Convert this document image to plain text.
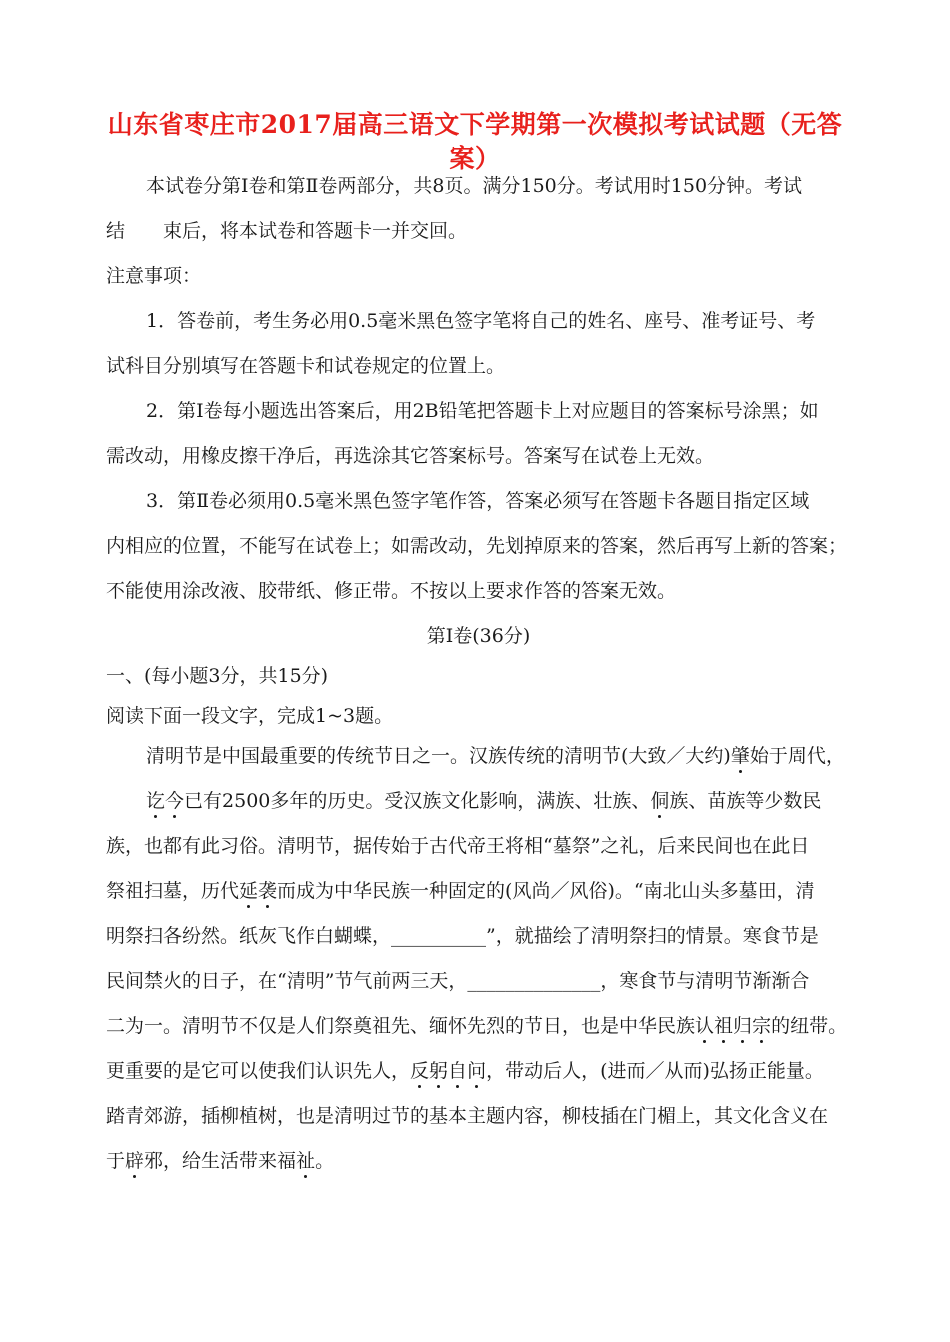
山东省枣庄市2017届高三语文下学期第一次模拟考试试题（无答案）
本试卷分第Ⅰ卷和第Ⅱ卷两部分，共8页。满分150分。考试用时150分钟。考试
结 束后，将本试卷和答题卡一并交回。
注意事项：
1．答卷前，考生务必用0.5毫米黑色签字笔将自己的姓名、座号、准考证号、考
试科目分别填写在答题卡和试卷规定的位置上。
2．第Ⅰ卷每小题选出答案后，用2B铅笔把答题卡上对应题目的答案标号涂黑；如
需改动，用橡皮擦干净后，再选涂其它答案标号。答案写在试卷上无效。
3．第Ⅱ卷必须用0.5毫米黑色签字笔作答，答案必须写在答题卡各题目指定区域
内相应的位置，不能写在试卷上；如需改动，先划掉原来的答案，然后再写上新的答案；
不能使用涂改液、胶带纸、修正带。不按以上要求作答的答案无效。
第Ⅰ卷(36分)
一、(每小题3分，共15分)
阅读下面一段文字，完成1~3题。
清明节是中国最重要的传统节日之一。汉族传统的清明节(大致／大约)肇始于周代，
讫今已有2500多年的历史。受汉族文化影响，满族、壮族、侗族、苗族等少数民
族，也都有此习俗。清明节，据传始于古代帝王将相“墓祭”之礼，后来民间也在此日
祭祖扫墓，历代延袭而成为中华民族一种固定的(风尚／风俗)。“南北山头多墓田，清
明祭扫各纷然。纸灰飞作白蝴蝶，__________”，就描绘了清明祭扫的情景。寒食节是
民间禁火的日子，在“清明”节气前两三天，______________，寒食节与清明节渐渐合
二为一。清明节不仅是人们祭奠祖先、缅怀先烈的节日，也是中华民族认祖归宗的纽带。
更重要的是它可以使我们认识先人，反躬自问，带动后人，(进而／从而)弘扬正能量。
踏青郊游，插柳植树，也是清明过节的基本主题内容，柳枝插在门楣上，其文化含义在
于辟邪，给生活带来福祉。
